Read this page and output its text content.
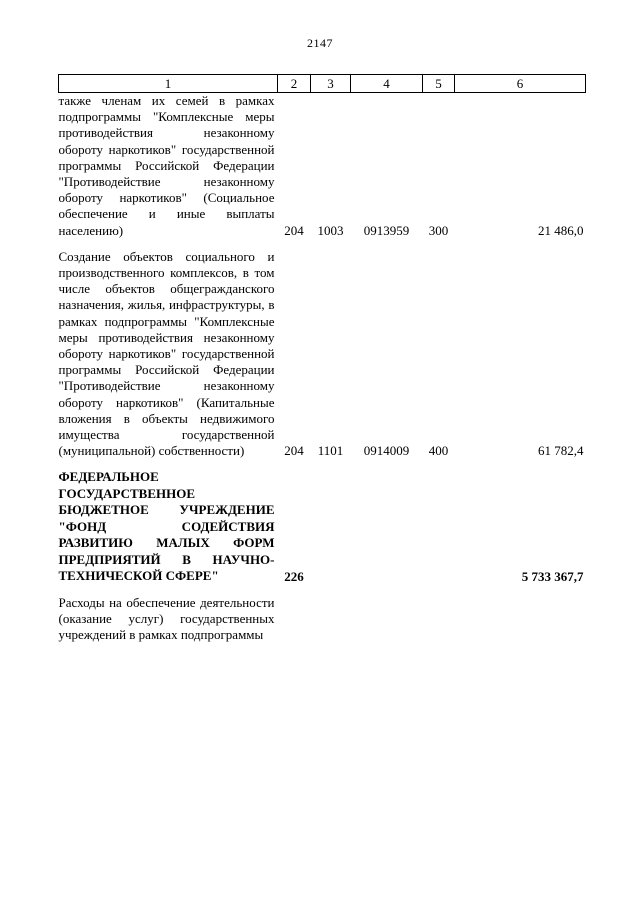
2147
1	2	3	4	5	6
также членам их семей в рамках подпрограммы "Комплексные меры противодействия незаконному обороту наркотиков" государственной программы Российской Федерации "Противодействие незаконному обороту наркотиков" (Социальное обеспечение и иные выплаты населению)	204	1003	0913959	300	21 486,0
Создание объектов социального и производственного комплексов, в том числе объектов общегражданского назначения, жилья, инфраструктуры, в рамках подпрограммы "Комплексные меры противодействия незаконному обороту наркотиков" государственной программы Российской Федерации "Противодействие незаконному обороту наркотиков" (Капитальные вложения в объекты недвижимого имущества государственной (муниципальной) собственности)	204	1101	0914009	400	61 782,4
ФЕДЕРАЛЬНОЕ ГОСУДАРСТВЕННОЕ БЮДЖЕТНОЕ УЧРЕЖДЕНИЕ "ФОНД СОДЕЙСТВИЯ РАЗВИТИЮ МАЛЫХ ФОРМ ПРЕДПРИЯТИЙ В НАУЧНО-ТЕХНИЧЕСКОЙ СФЕРЕ"	226				5 733 367,7
Расходы на обеспечение деятельности (оказание услуг) государственных учреждений в рамках подпрограммы					
